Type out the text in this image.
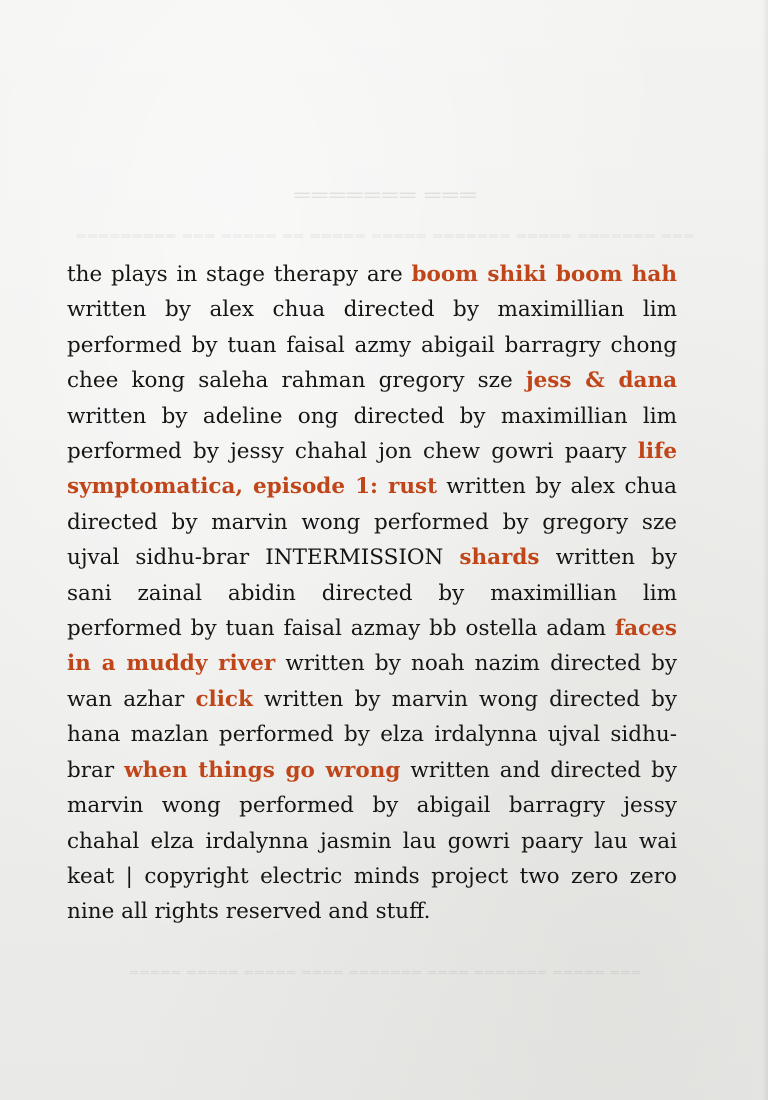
═══ ═══════
═══ ═══════ ═════ ═══════ ═════ ═════ ══ ═════ ═══ ═════════
═══ ═════ ═══════ ════ ═══════ ════ ═════ ═════ ═════

the plays in stage therapy are boom shiki boom hah written by alex chua directed by maximillian lim performed by tuan faisal azmy abigail barragry chong chee kong saleha rahman gregory sze jess & dana written by adeline ong directed by maximillian lim performed by jessy chahal jon chew gowri paary life symptomatica, episode 1: rust written by alex chua directed by marvin wong performed by gregory sze ujval sidhu-brar INTERMISSION shards written by sani zainal abidin directed by maximillian lim performed by tuan faisal azmay bb ostella adam faces in a muddy river written by noah nazim directed by wan azhar click written by marvin wong directed by hana mazlan performed by elza irdalynna ujval sidhu-brar when things go wrong written and directed by marvin wong performed by abigail barragry jessy chahal elza irdalynna jasmin lau gowri paary lau wai keat | copyright electric minds project two zero zero nine all rights reserved and stuff.
